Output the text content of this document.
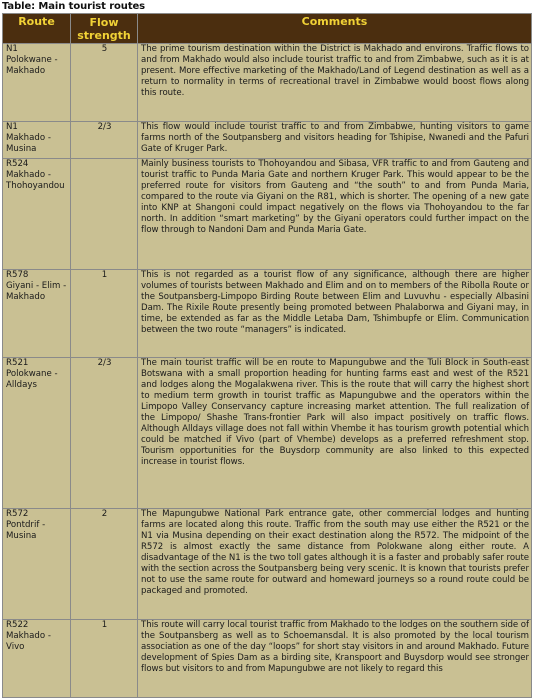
Table: Main tourist routes
Route	Flow strength	Comments
N1
Polokwane - Makhado	5	The prime tourism destination within the District is Makhado and environs. Traffic flows to and from Makhado would also include tourist traffic to and from Zimbabwe, such as it is at present. More effective marketing of the Makhado/Land of Legend destination as well as a return to normality in terms of recreational travel in Zimbabwe would boost flows along this route.
N1
Makhado - Musina	2/3	This flow would include tourist traffic to and from Zimbabwe, hunting visitors to game farms north of the Soutpansberg and visitors heading for Tshipise, Nwanedi and the Pafuri Gate of Kruger Park.
R524
Makhado - Thohoyandou		Mainly business tourists to Thohoyandou and Sibasa, VFR traffic to and from Gauteng and tourist traffic to Punda Maria Gate and northern Kruger Park. This would appear to be the preferred route for visitors from Gauteng and “the south” to and from Punda Maria, compared to the route via Giyani on the R81, which is shorter. The opening of a new gate into KNP at Shangoni could impact negatively on the flows via Thohoyandou to the far north. In addition “smart marketing” by the Giyani operators could further impact on the flow through to Nandoni Dam and Punda Maria Gate.
R578
Giyani - Elim - Makhado	1	This is not regarded as a tourist flow of any significance, although there are higher volumes of tourists between Makhado and Elim and on to members of the Ribolla Route or the Soutpansberg-Limpopo Birding Route between Elim and Luvuvhu - especially Albasini Dam. The Rixile Route presently being promoted between Phalaborwa and Giyani may, in time, be extended as far as the Middle Letaba Dam, Tshimbupfe or Elim. Communication between the two route “managers” is indicated.
R521
Polokwane - Alldays	2/3	The main tourist traffic will be en route to Mapungubwe and the Tuli Block in South-east Botswana with a small proportion heading for hunting farms east and west of the R521 and lodges along the Mogalakwena river. This is the route that will carry the highest short to medium term growth in tourist traffic as Mapungubwe and the operators within the Limpopo Valley Conservancy capture increasing market attention. The full realization of the Limpopo/ Shashe Trans-frontier Park will also impact positively on traffic flows. Although Alldays village does not fall within Vhembe it has tourism growth potential which could be matched if Vivo (part of Vhembe) develops as a preferred refreshment stop. Tourism opportunities for the Buysdorp community are also linked to this expected increase in tourist flows.
R572
Pontdrif - Musina	2	The Mapungubwe National Park entrance gate, other commercial lodges and hunting farms are located along this route. Traffic from the south may use either the R521 or the N1 via Musina depending on their exact destination along the R572. The midpoint of the R572 is almost exactly the same distance from Polokwane along either route. A disadvantage of the N1 is the two toll gates although it is a faster and probably safer route with the section across the Soutpansberg being very scenic. It is known that tourists prefer not to use the same route for outward and homeward journeys so a round route could be packaged and promoted.
R522
Makhado - Vivo	1	This route will carry local tourist traffic from Makhado to the lodges on the southern side of the Soutpansberg as well as to Schoemansdal. It is also promoted by the local tourism association as one of the day “loops” for short stay visitors in and around Makhado. Future development of Spies Dam as a birding site, Kranspoort and Buysdorp would see stronger flows but visitors to and from Mapungubwe are not likely to regard this
